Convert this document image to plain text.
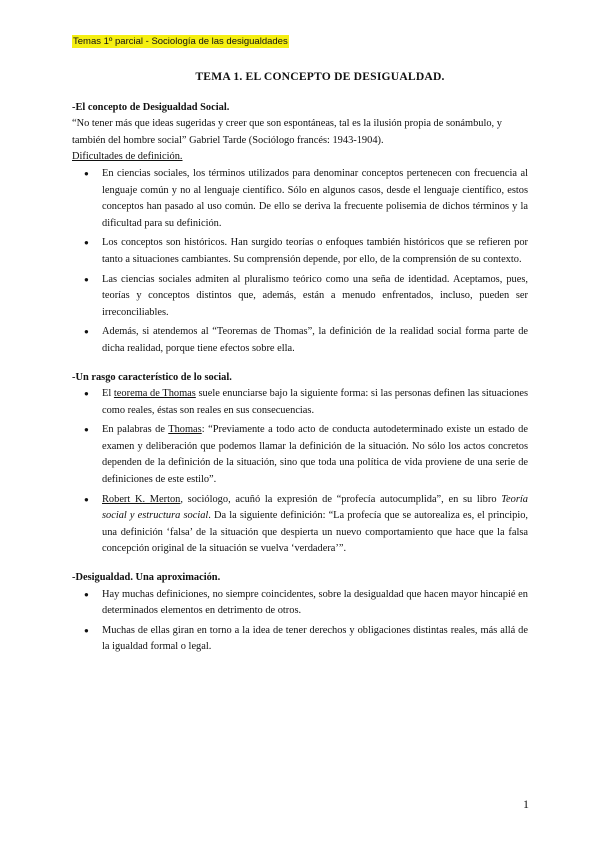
Temas 1º parcial - Sociología de las desigualdades

TEMA 1. EL CONCEPTO DE DESIGUALDAD.

-El concepto de Desigualdad Social.

“No tener más que ideas sugeridas y creer que son espontáneas, tal es la ilusión propia de sonámbulo, y también del hombre social” Gabriel Tarde (Sociólogo francés: 1943-1904).

Dificultades de definición.

● En ciencias sociales, los términos utilizados para denominar conceptos pertenecen con frecuencia al lenguaje común y no al lenguaje científico. Sólo en algunos casos, desde el lenguaje científico, estos conceptos han pasado al uso común. De ello se deriva la frecuente polisemia de dichos términos y la dificultad para su definición.
● Los conceptos son históricos. Han surgido teorías o enfoques también históricos que se refieren por tanto a situaciones cambiantes. Su comprensión depende, por ello, de la comprensión de su contexto.
● Las ciencias sociales admiten al pluralismo teórico como una seña de identidad. Aceptamos, pues, teorías y conceptos distintos que, además, están a menudo enfrentados, incluso, pueden ser irreconciliables.
● Además, si atendemos al “Teoremas de Thomas”, la definición de la realidad social forma parte de dicha realidad, porque tiene efectos sobre ella.

-Un rasgo característico de lo social.

● El teorema de Thomas suele enunciarse bajo la siguiente forma: si las personas definen las situaciones como reales, éstas son reales en sus consecuencias.
● En palabras de Thomas: “Previamente a todo acto de conducta autodeterminado existe un estado de examen y deliberación que podemos llamar la definición de la situación. No sólo los actos concretos dependen de la definición de la situación, sino que toda una política de vida proviene de una serie de definiciones de este estilo”.
● Robert K. Merton, sociólogo, acuñó la expresión de “profecía autocumplida”, en su libro Teoría social y estructura social. Da la siguiente definición: “La profecía que se autorealiza es, el principio, una definición ‘falsa’ de la situación que despierta un nuevo comportamiento que hace que la falsa concepción original de la situación se vuelva ‘verdadera’”.

-Desigualdad. Una aproximación.

● Hay muchas definiciones, no siempre coincidentes, sobre la desigualdad que hacen mayor hincapié en determinados elementos en detrimento de otros.
● Muchas de ellas giran en torno a la idea de tener derechos y obligaciones distintas reales, más allá de la igualdad formal o legal.
1
